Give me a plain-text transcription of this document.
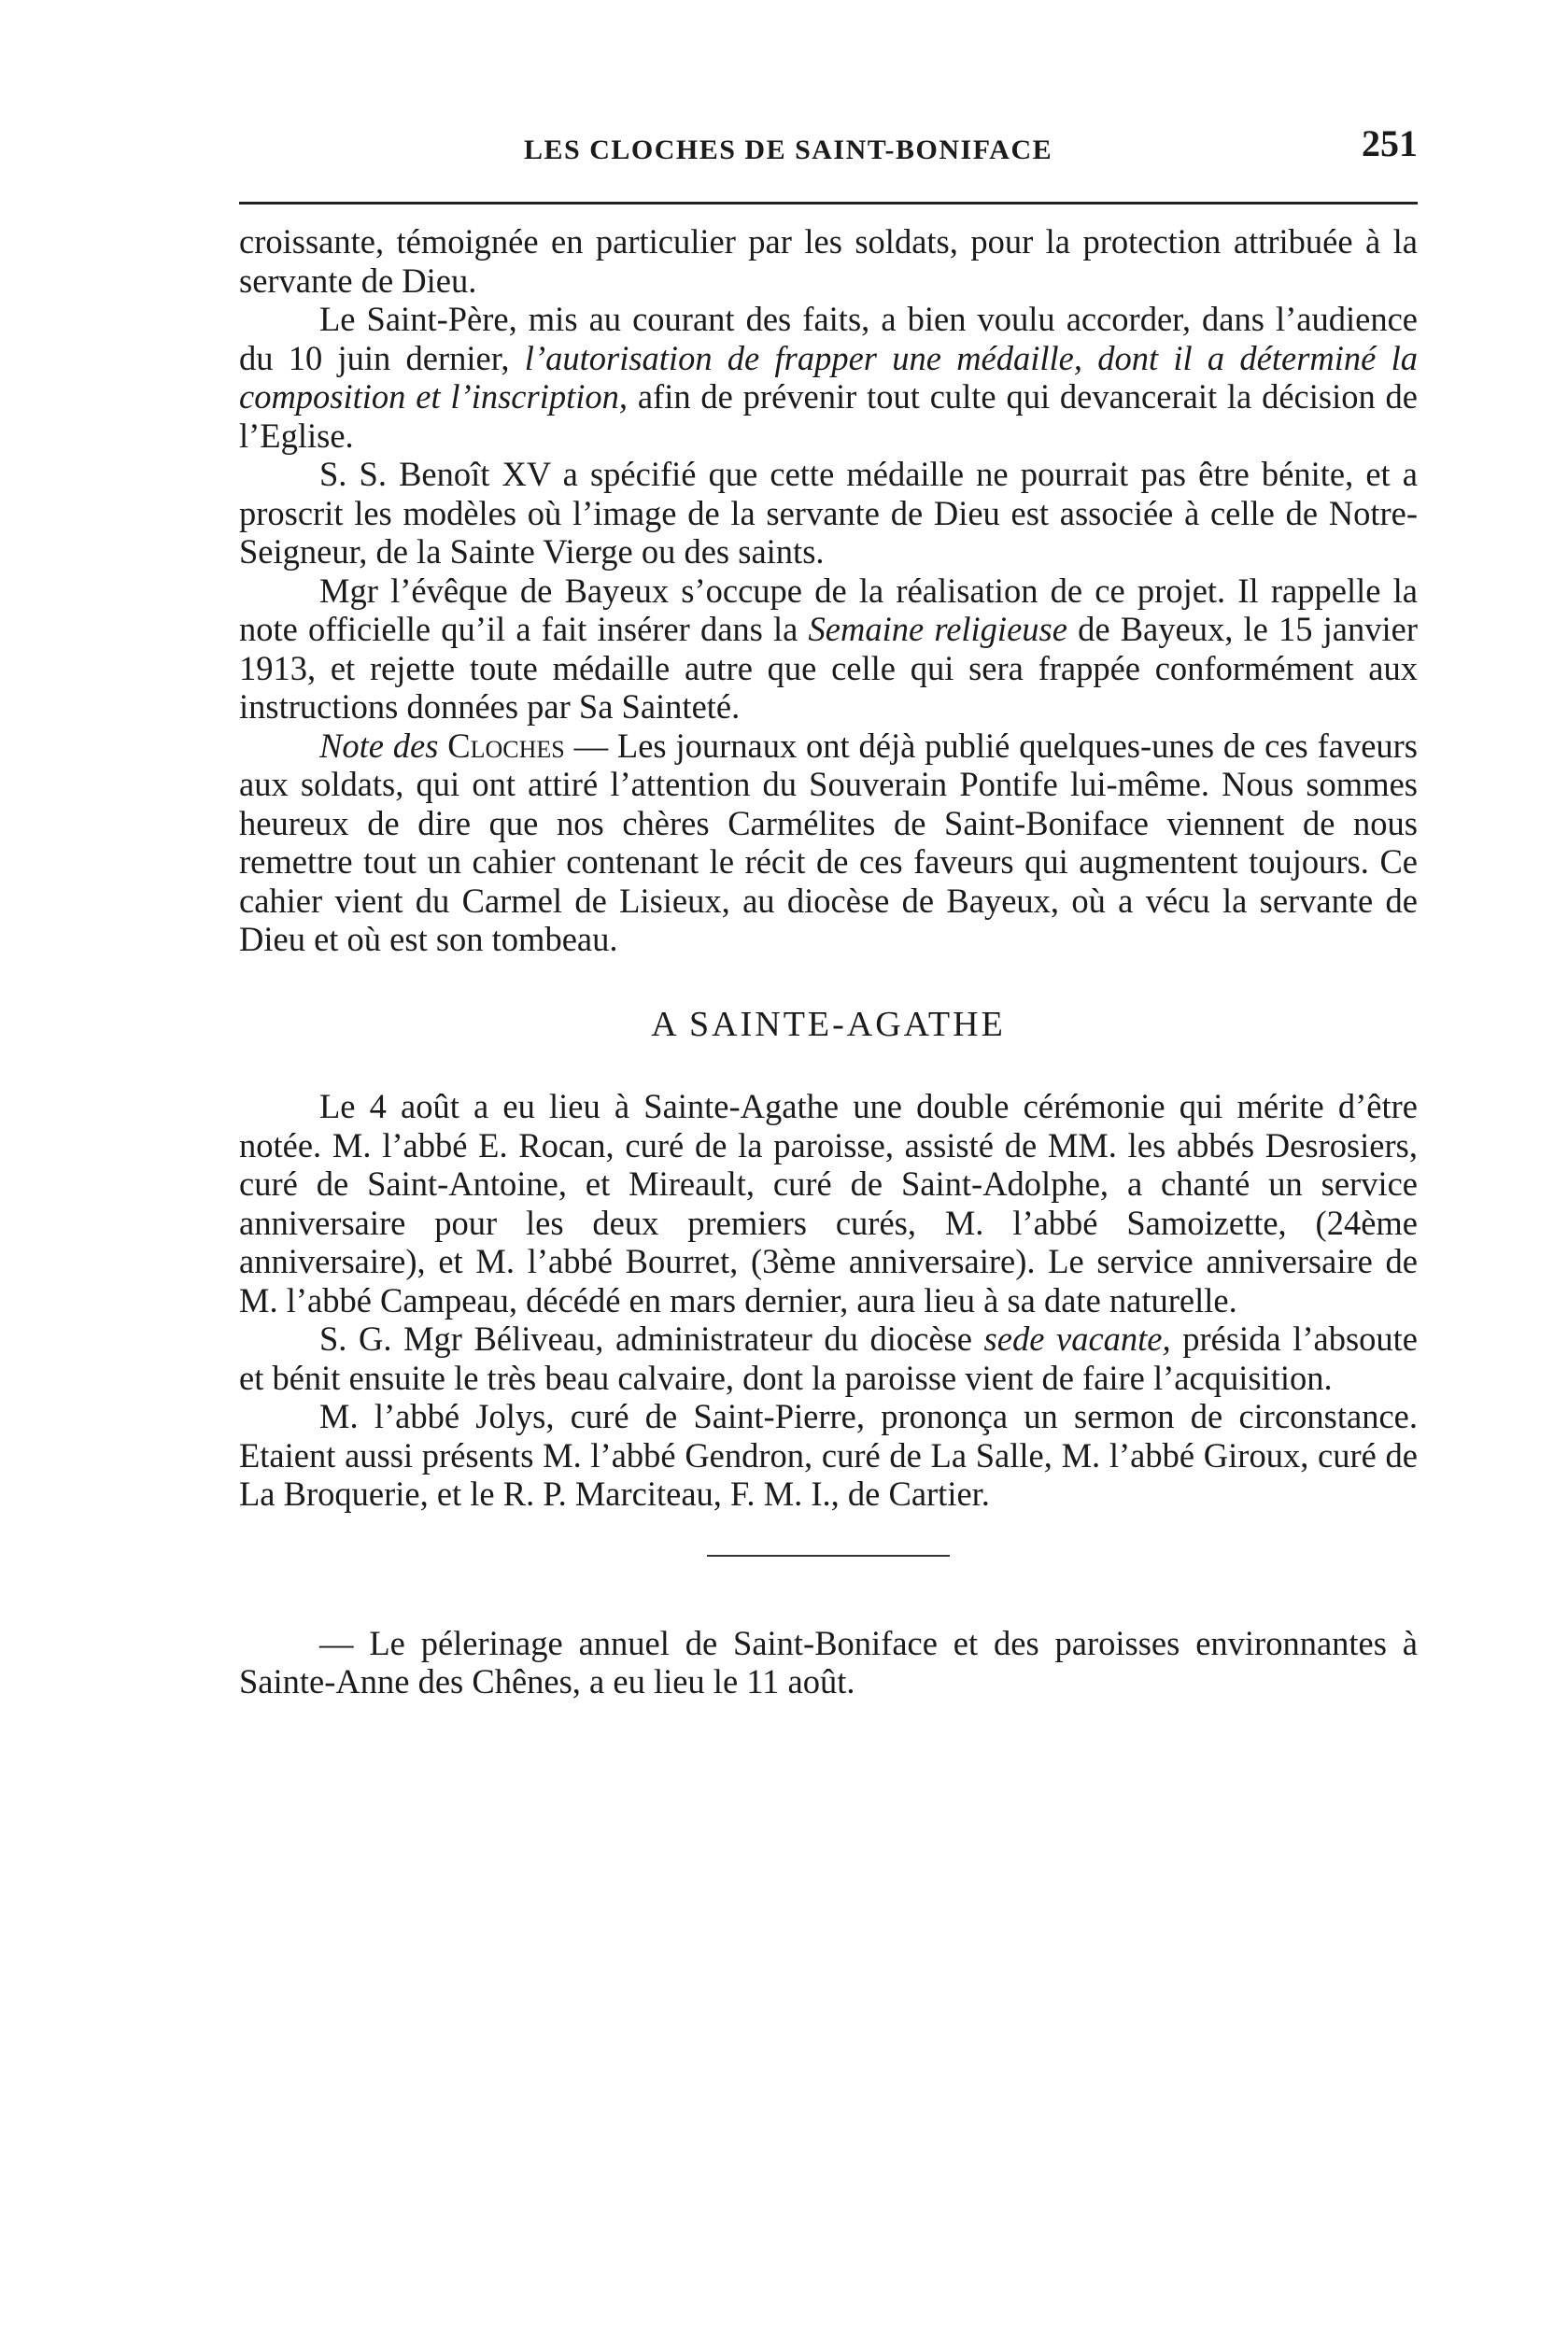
LES CLOCHES DE SAINT-BONIFACE	251

croissante, témoignée en particulier par les soldats, pour la protection attribuée à la servante de Dieu.

Le Saint-Père, mis au courant des faits, a bien voulu accorder, dans l’audience du 10 juin dernier, l’autorisation de frapper une médaille, dont il a déterminé la composition et l’inscription, afin de prévenir tout culte qui devancerait la décision de l’Eglise.

S. S. Benoît XV a spécifié que cette médaille ne pourrait pas être bénite, et a proscrit les modèles où l’image de la servante de Dieu est associée à celle de Notre-Seigneur, de la Sainte Vierge ou des saints.

Mgr l’évêque de Bayeux s’occupe de la réalisation de ce projet. Il rappelle la note officielle qu’il a fait insérer dans la Semaine religieuse de Bayeux, le 15 janvier 1913, et rejette toute médaille autre que celle qui sera frappée conformément aux instructions données par Sa Sainteté.

Note des Cloches — Les journaux ont déjà publié quelques-unes de ces faveurs aux soldats, qui ont attiré l’attention du Souverain Pontife lui-même. Nous sommes heureux de dire que nos chères Carmélites de Saint-Boniface viennent de nous remettre tout un cahier contenant le récit de ces faveurs qui augmentent toujours. Ce cahier vient du Carmel de Lisieux, au diocèse de Bayeux, où a vécu la servante de Dieu et où est son tombeau.

A SAINTE-AGATHE

Le 4 août a eu lieu à Sainte-Agathe une double cérémonie qui mérite d’être notée. M. l’abbé E. Rocan, curé de la paroisse, assisté de MM. les abbés Desrosiers, curé de Saint-Antoine, et Mireault, curé de Saint-Adolphe, a chanté un service anniversaire pour les deux premiers curés, M. l’abbé Samoizette, (24ème anniversaire), et M. l’abbé Bourret, (3ème anniversaire). Le service anniversaire de M. l’abbé Campeau, décédé en mars dernier, aura lieu à sa date naturelle.

S. G. Mgr Béliveau, administrateur du diocèse sede vacante, présida l’absoute et bénit ensuite le très beau calvaire, dont la paroisse vient de faire l’acquisition.

M. l’abbé Jolys, curé de Saint-Pierre, prononça un sermon de circonstance. Etaient aussi présents M. l’abbé Gendron, curé de La Salle, M. l’abbé Giroux, curé de La Broquerie, et le R. P. Marciteau, F. M. I., de Cartier.

— Le pélerinage annuel de Saint-Boniface et des paroisses environnantes à Sainte-Anne des Chênes, a eu lieu le 11 août.
